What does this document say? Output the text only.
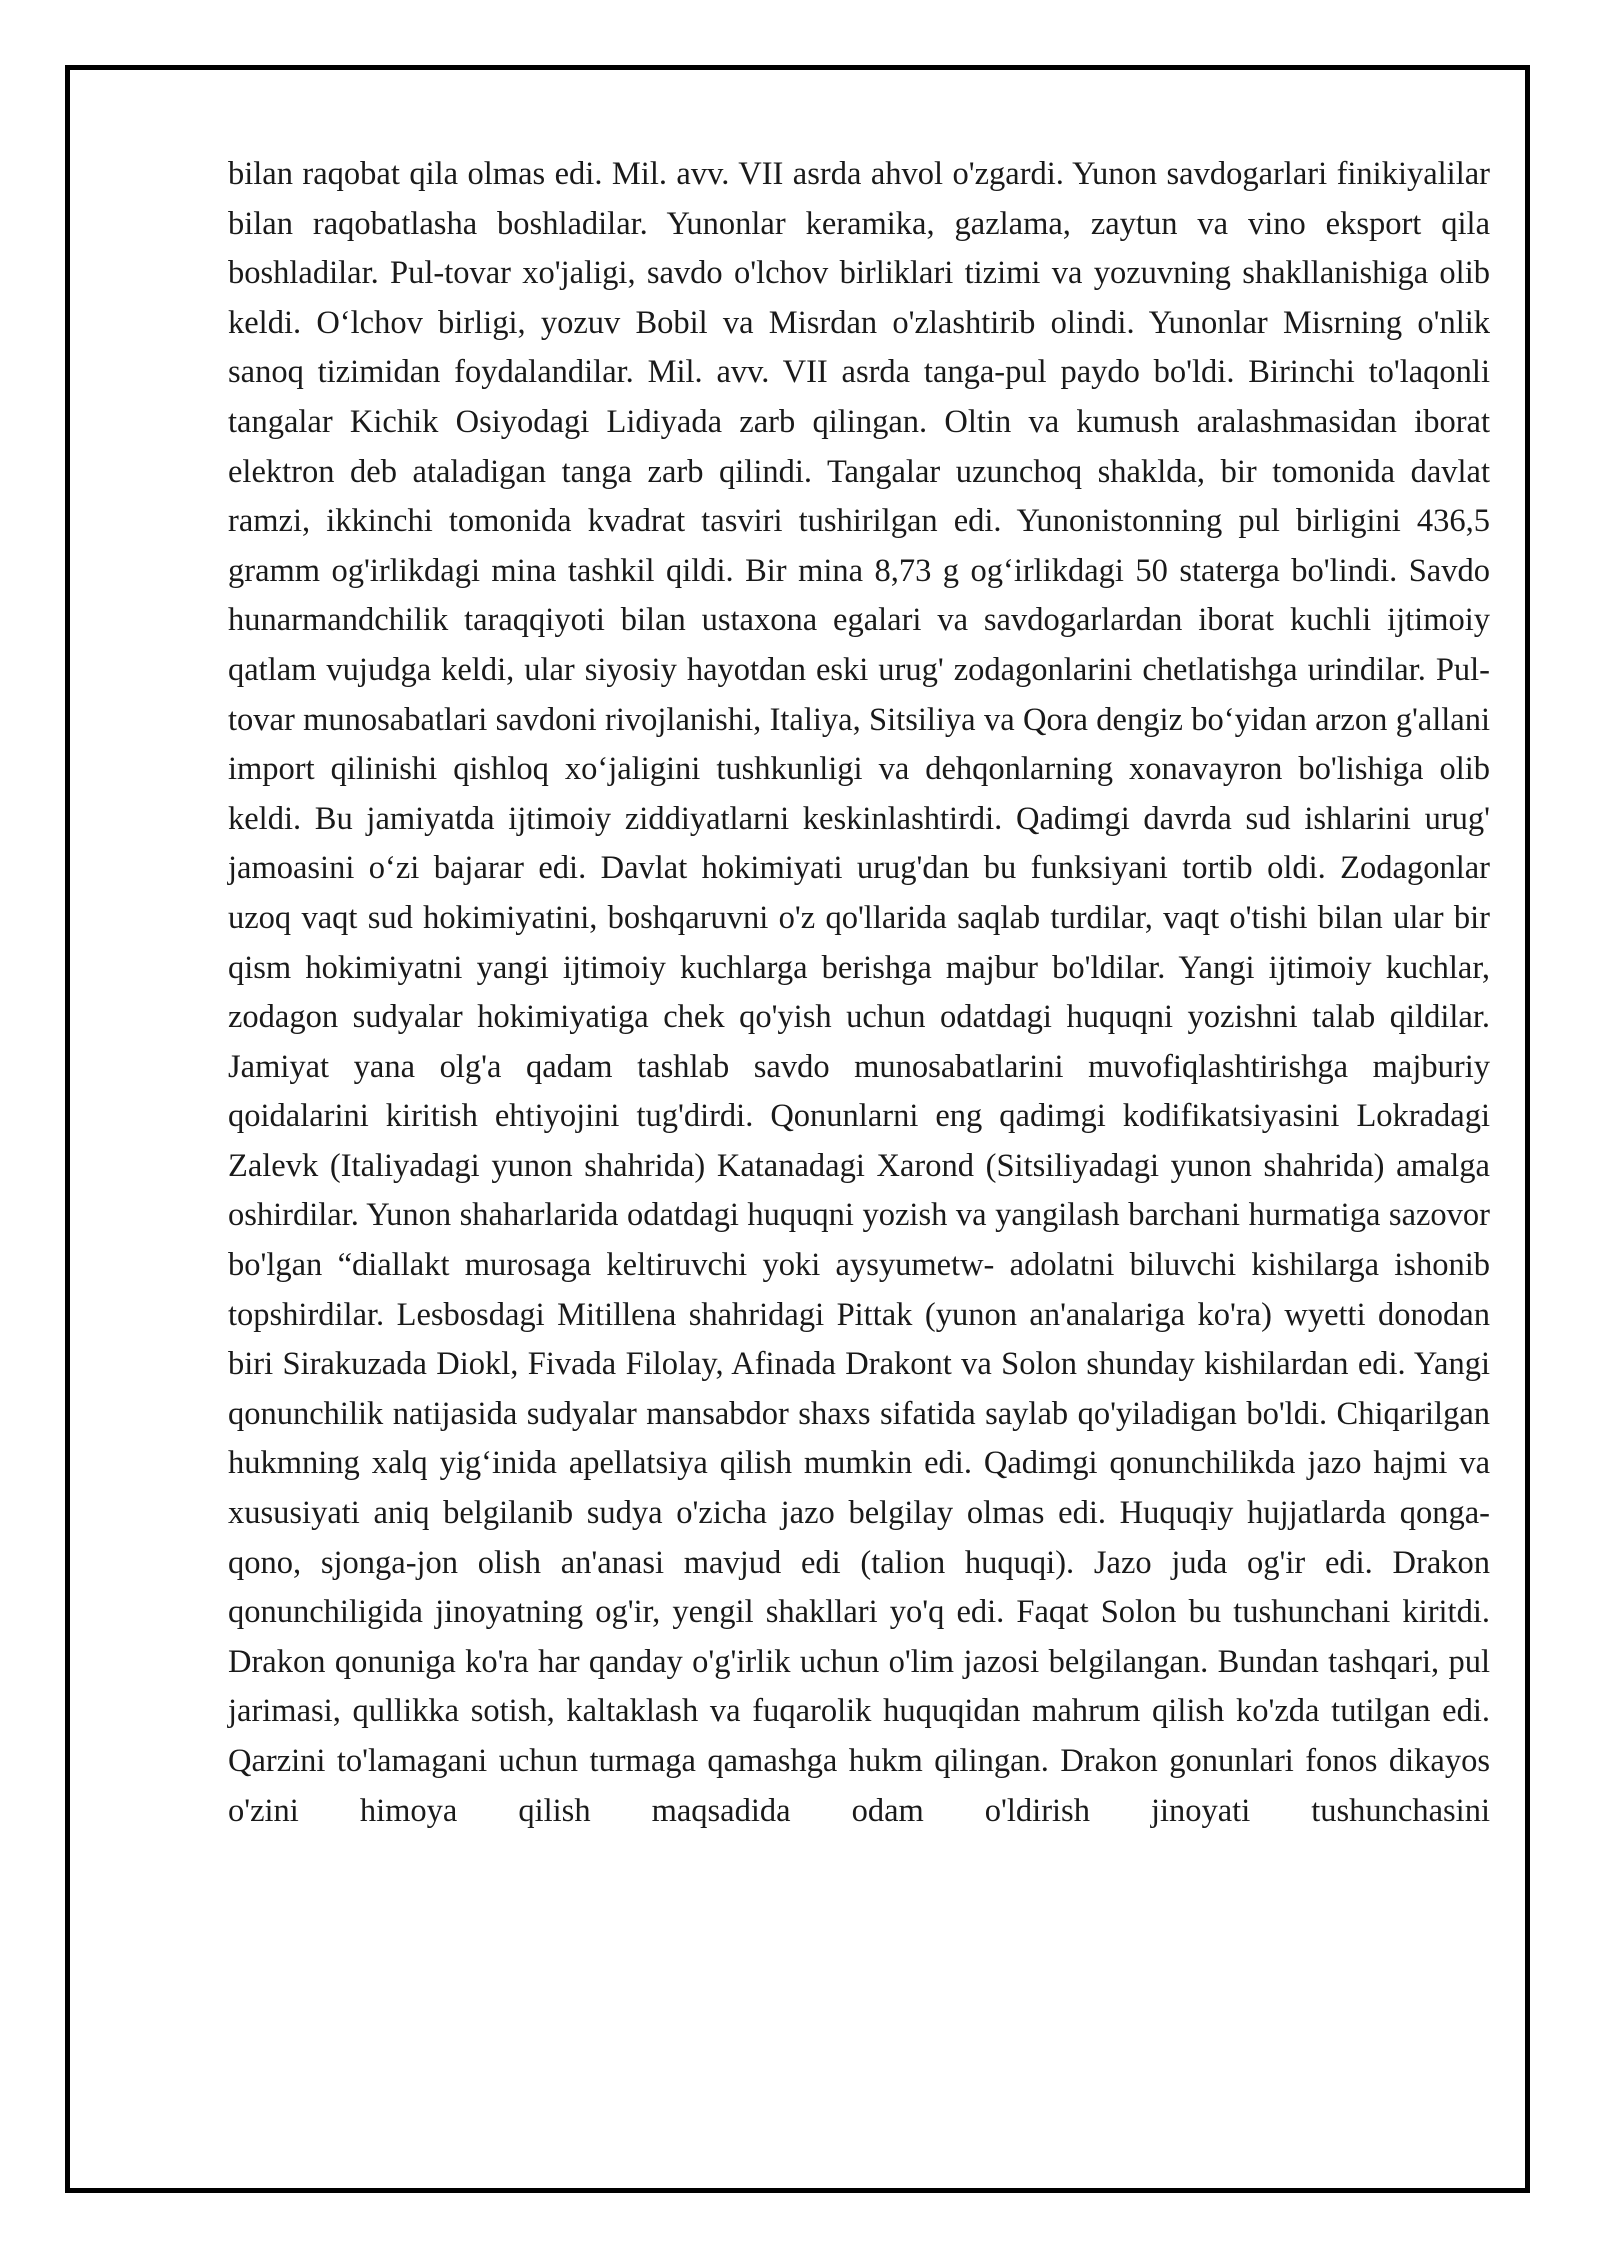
bilan raqobat qila olmas edi. Mil. avv. VII asrda ahvol o'zgardi. Yunon savdogarlari finikiyalilar bilan raqobatlasha boshladilar. Yunonlar keramika, gazlama, zaytun va vino eksport qila boshladilar. Pul-tovar xo'jaligi, savdo o'lchov birliklari tizimi va yozuvning shakllanishiga olib keldi. O‘lchov birligi, yozuv Bobil va Misrdan o'zlashtirib olindi. Yunonlar Misrning o'nlik sanoq tizimidan foydalandilar. Mil. avv. VII asrda tanga-pul paydo bo'ldi. Birinchi to'laqonli tangalar Kichik Osiyodagi Lidiyada zarb qilingan. Oltin va kumush aralashmasidan iborat elektron deb ataladigan tanga zarb qilindi. Tangalar uzunchoq shaklda, bir tomonida davlat ramzi, ikkinchi tomonida kvadrat tasviri tushirilgan edi. Yunonistonning pul birligini 436,5 gramm og'irlikdagi mina tashkil qildi. Bir mina 8,73 g og‘irlikdagi 50 staterga bo'lindi. Savdo hunarmandchilik taraqqiyoti bilan ustaxona egalari va savdogarlardan iborat kuchli ijtimoiy qatlam vujudga keldi, ular siyosiy hayotdan eski urug' zodagonlarini chetlatishga urindilar. Pul-tovar munosabatlari savdoni rivojlanishi, Italiya, Sitsiliya va Qora dengiz bo‘yidan arzon g'allani import qilinishi qishloq xo‘jaligini tushkunligi va dehqonlarning xonavayron bo'lishiga olib keldi. Bu jamiyatda ijtimoiy ziddiyatlarni keskinlashtirdi. Qadimgi davrda sud ishlarini urug' jamoasini o‘zi bajarar edi. Davlat hokimiyati urug'dan bu funksiyani tortib oldi. Zodagonlar uzoq vaqt sud hokimiyatini, boshqaruvni o'z qo'llarida saqlab turdilar, vaqt o'tishi bilan ular bir qism hokimiyatni yangi ijtimoiy kuchlarga berishga majbur bo'ldilar. Yangi ijtimoiy kuchlar, zodagon sudyalar hokimiyatiga chek qo'yish uchun odatdagi huquqni yozishni talab qildilar. Jamiyat yana olg'a qadam tashlab savdo munosabatlarini muvofiqlashtirishga majburiy qoidalarini kiritish ehtiyojini tug'dirdi. Qonunlarni eng qadimgi kodifikatsiyasini Lokradagi Zalevk (Italiyadagi yunon shahrida) Katanadagi Xarond (Sitsiliyadagi yunon shahrida) amalga oshirdilar. Yunon shaharlarida odatdagi huquqni yozish va yangilash barchani hurmatiga sazovor bo'lgan “diallakt murosaga keltiruvchi yoki aysyumetw- adolatni biluvchi kishilarga ishonib topshirdilar. Lesbosdagi Mitillena shahridagi Pittak (yunon an'analariga ko'ra) wyetti donodan biri Sirakuzada Diokl, Fivada Filolay, Afinada Drakont va Solon shunday kishilardan edi. Yangi qonunchilik natijasida sudyalar mansabdor shaxs sifatida saylab qo'yiladigan bo'ldi. Chiqarilgan hukmning xalq yig‘inida apellatsiya qilish mumkin edi. Qadimgi qonunchilikda jazo hajmi va xususiyati aniq belgilanib sudya o'zicha jazo belgilay olmas edi. Huquqiy hujjatlarda qonga-qono, sjonga-jon olish an'anasi mavjud edi (talion huquqi). Jazo juda og'ir edi. Drakon qonunchiligida jinoyatning og'ir, yengil shakllari yo'q edi. Faqat Solon bu tushunchani kiritdi. Drakon qonuniga ko'ra har qanday o'g'irlik uchun o'lim jazosi belgilangan. Bundan tashqari, pul jarimasi, qullikka sotish, kaltaklash va fuqarolik huquqidan mahrum qilish ko'zda tutilgan edi. Qarzini to'lamagani uchun turmaga qamashga hukm qilingan. Drakon gonunlari fonos dikayos o'zini himoya qilish maqsadida odam o'ldirish jinoyati tushunchasini
